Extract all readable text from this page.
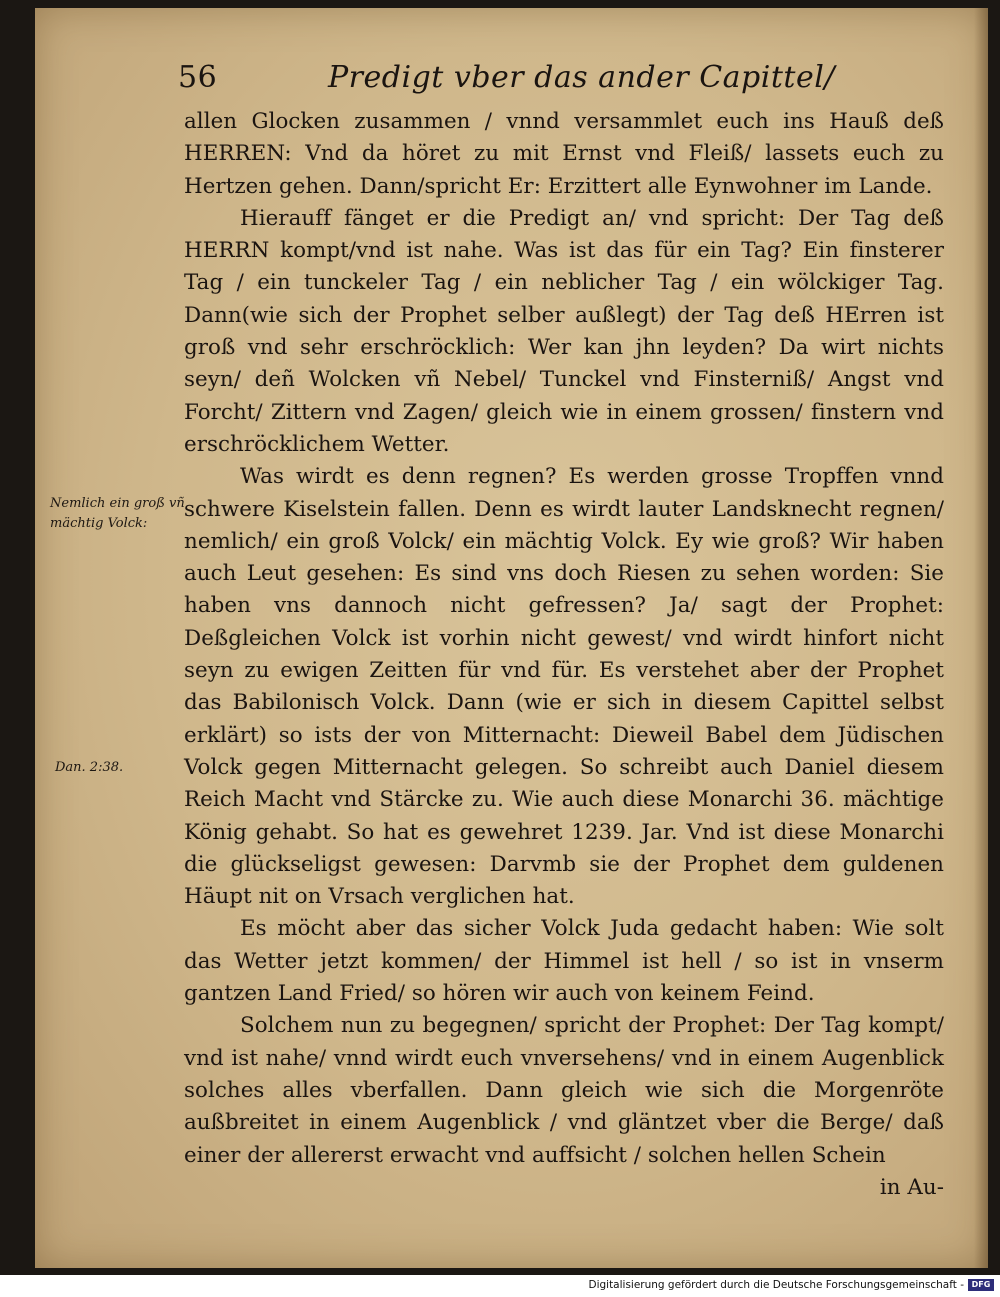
56	Predigt vber das ander Capittel/
Nemlich ein groß vñ mächtig Volck:
Dan. 2:38.

allen Glocken zusammen / vnnd versammlet euch ins Hauß deß HERREN: Vnd da höret zu mit Ernst vnd Fleiß/ lassets euch zu Hertzen gehen. Dann/spricht Er: Erzittert alle Eynwohner im Lande.

Hierauff fänget er die Predigt an/ vnd spricht: Der Tag deß HERRN kompt/vnd ist nahe. Was ist das für ein Tag? Ein finsterer Tag / ein tunckeler Tag / ein neblicher Tag / ein wölckiger Tag. Dann(wie sich der Prophet selber außlegt) der Tag deß HErren ist groß vnd sehr erschröcklich: Wer kan jhn leyden? Da wirt nichts seyn/ deñ Wolcken vñ Nebel/ Tunckel vnd Finsterniß/ Angst vnd Forcht/ Zittern vnd Zagen/ gleich wie in einem grossen/ finstern vnd erschröcklichem Wetter.

Was wirdt es denn regnen? Es werden grosse Tropffen vnnd schwere Kiselstein fallen. Denn es wirdt lauter Landsknecht regnen/ nemlich/ ein groß Volck/ ein mächtig Volck. Ey wie groß? Wir haben auch Leut gesehen: Es sind vns doch Riesen zu sehen worden: Sie haben vns dannoch nicht gefressen? Ja/ sagt der Prophet: Deßgleichen Volck ist vorhin nicht gewest/ vnd wirdt hinfort nicht seyn zu ewigen Zeitten für vnd für. Es verstehet aber der Prophet das Babilonisch Volck. Dann (wie er sich in diesem Capittel selbst erklärt) so ists der von Mitternacht: Dieweil Babel dem Jüdischen Volck gegen Mitternacht gelegen. So schreibt auch Daniel diesem Reich Macht vnd Stärcke zu. Wie auch diese Monarchi 36. mächtige König gehabt. So hat es gewehret 1239. Jar. Vnd ist diese Monarchi die glückseligst gewesen: Darvmb sie der Prophet dem guldenen Häupt nit on Vrsach verglichen hat.

Es möcht aber das sicher Volck Juda gedacht haben: Wie solt das Wetter jetzt kommen/ der Himmel ist hell / so ist in vnserm gantzen Land Fried/ so hören wir auch von keinem Feind.

Solchem nun zu begegnen/ spricht der Prophet: Der Tag kompt/ vnd ist nahe/ vnnd wirdt euch vnversehens/ vnd in einem Augenblick solches alles vberfallen. Dann gleich wie sich die Morgenröte außbreitet in einem Augenblick / vnd gläntzet vber die Berge/ daß einer der allererst erwacht vnd auffsicht / solchen hellen Schein

in Au-

Digitalisierung gefördert durch die Deutsche Forschungsgemeinschaft - DFG
